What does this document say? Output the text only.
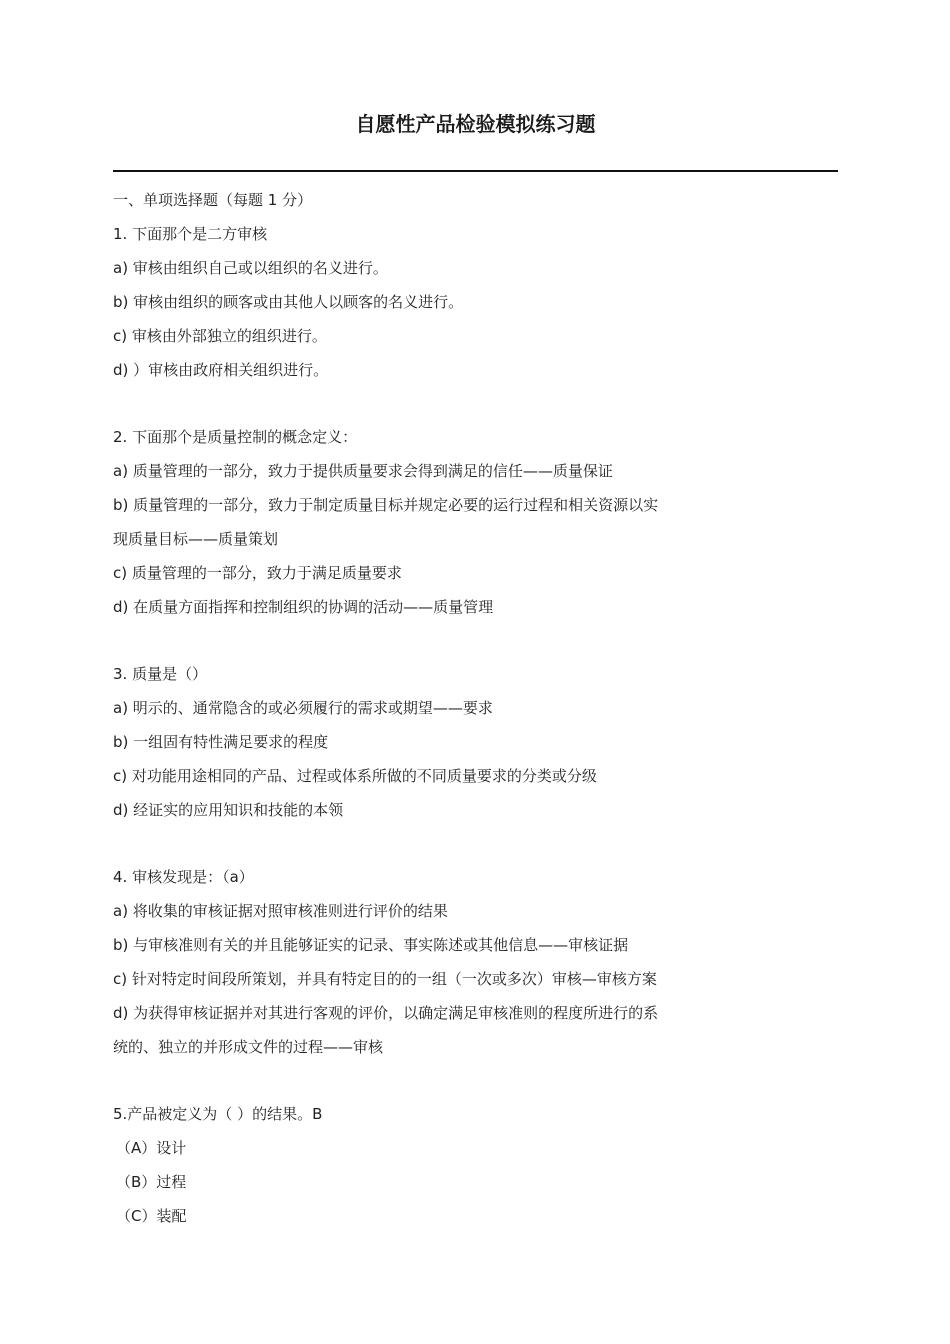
自愿性产品检验模拟练习题
一、单项选择题（每题 1 分）
1. 下面那个是二方审核
a) 审核由组织自己或以组织的名义进行。
b) 审核由组织的顾客或由其他人以顾客的名义进行。
c) 审核由外部独立的组织进行。
d) ）审核由政府相关组织进行。
2. 下面那个是质量控制的概念定义：
a) 质量管理的一部分，致力于提供质量要求会得到满足的信任——质量保证
b) 质量管理的一部分，致力于制定质量目标并规定必要的运行过程和相关资源以实
现质量目标——质量策划
c) 质量管理的一部分，致力于满足质量要求
d) 在质量方面指挥和控制组织的协调的活动——质量管理
3. 质量是（）
a) 明示的、通常隐含的或必须履行的需求或期望——要求
b) 一组固有特性满足要求的程度
c) 对功能用途相同的产品、过程或体系所做的不同质量要求的分类或分级
d) 经证实的应用知识和技能的本领
4. 审核发现是：（a）
a) 将收集的审核证据对照审核准则进行评价的结果
b) 与审核准则有关的并且能够证实的记录、事实陈述或其他信息——审核证据
c) 针对特定时间段所策划，并具有特定目的的一组（一次或多次）审核—审核方案
d) 为获得审核证据并对其进行客观的评价，以确定满足审核准则的程度所进行的系
统的、独立的并形成文件的过程——审核
5.产品被定义为（ ）的结果。B
（A）设计
（B）过程
（C）装配
